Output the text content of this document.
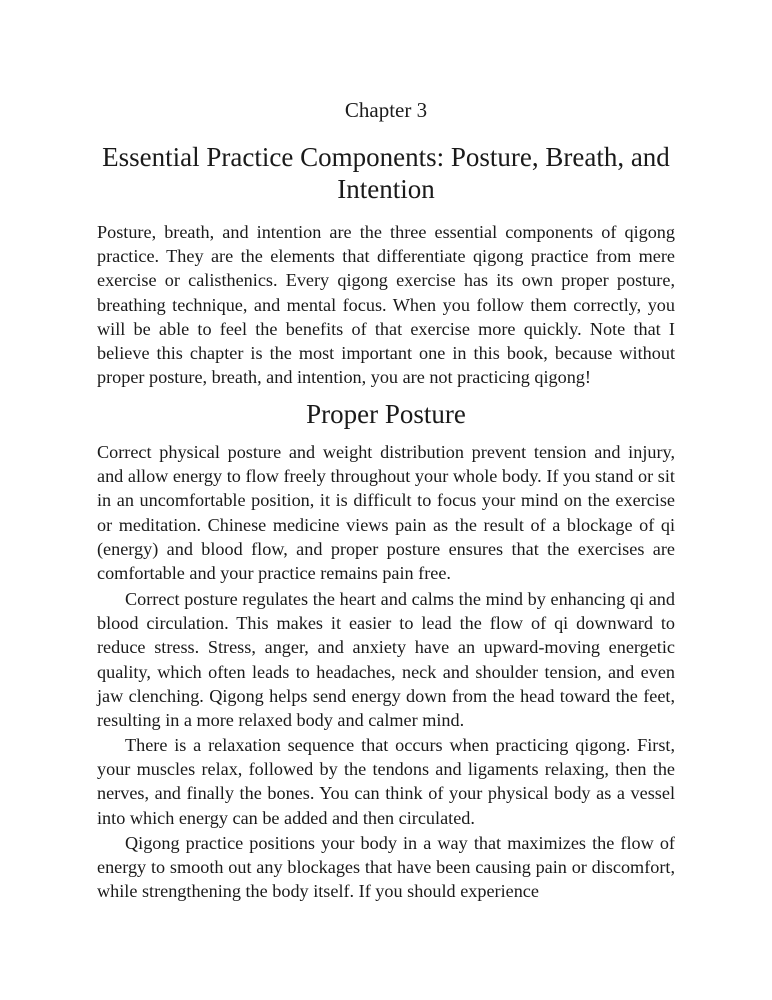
Chapter 3
Essential Practice Components: Posture, Breath, and Intention

Posture, breath, and intention are the three essential components of qigong practice. They are the elements that differentiate qigong practice from mere exercise or calisthenics. Every qigong exercise has its own proper posture, breathing technique, and mental focus. When you follow them correctly, you will be able to feel the benefits of that exercise more quickly. Note that I believe this chapter is the most important one in this book, because without proper posture, breath, and intention, you are not practicing qigong!

Proper Posture

Correct physical posture and weight distribution prevent tension and injury, and allow energy to flow freely throughout your whole body. If you stand or sit in an uncomfortable position, it is difficult to focus your mind on the exercise or meditation. Chinese medicine views pain as the result of a blockage of qi (energy) and blood flow, and proper posture ensures that the exercises are comfortable and your practice remains pain free.

Correct posture regulates the heart and calms the mind by enhancing qi and blood circulation. This makes it easier to lead the flow of qi downward to reduce stress. Stress, anger, and anxiety have an upward-moving energetic quality, which often leads to headaches, neck and shoulder tension, and even jaw clenching. Qigong helps send energy down from the head toward the feet, resulting in a more relaxed body and calmer mind.

There is a relaxation sequence that occurs when practicing qigong. First, your muscles relax, followed by the tendons and ligaments relaxing, then the nerves, and finally the bones. You can think of your physical body as a vessel into which energy can be added and then circulated.

Qigong practice positions your body in a way that maximizes the flow of energy to smooth out any blockages that have been causing pain or discomfort, while strengthening the body itself. If you should experience
